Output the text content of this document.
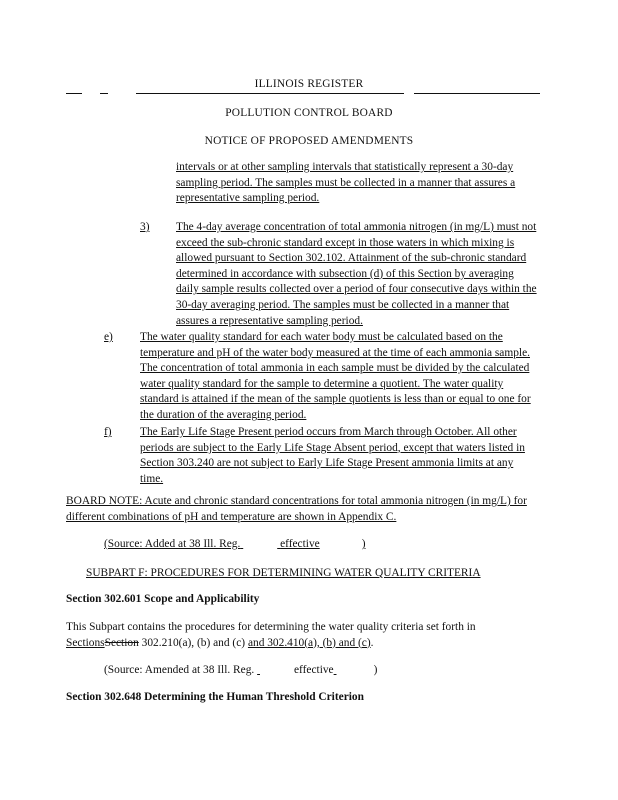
ILLINOIS REGISTER
POLLUTION CONTROL BOARD
NOTICE OF PROPOSED AMENDMENTS
intervals or at other sampling intervals that statistically represent a 30-day sampling period. The samples must be collected in a manner that assures a representative sampling period.
3) The 4-day average concentration of total ammonia nitrogen (in mg/L) must not exceed the sub-chronic standard except in those waters in which mixing is allowed pursuant to Section 302.102. Attainment of the sub-chronic standard determined in accordance with subsection (d) of this Section by averaging daily sample results collected over a period of four consecutive days within the 30-day averaging period. The samples must be collected in a manner that assures a representative sampling period.
e) The water quality standard for each water body must be calculated based on the temperature and pH of the water body measured at the time of each ammonia sample. The concentration of total ammonia in each sample must be divided by the calculated water quality standard for the sample to determine a quotient. The water quality standard is attained if the mean of the sample quotients is less than or equal to one for the duration of the averaging period.
f) The Early Life Stage Present period occurs from March through October. All other periods are subject to the Early Life Stage Absent period, except that waters listed in Section 303.240 are not subject to Early Life Stage Present ammonia limits at any time.
BOARD NOTE: Acute and chronic standard concentrations for total ammonia nitrogen (in mg/L) for different combinations of pH and temperature are shown in Appendix C.
(Source: Added at 38 Ill. Reg.	effective	)
SUBPART F: PROCEDURES FOR DETERMINING WATER QUALITY CRITERIA
Section 302.601 Scope and Applicability
This Subpart contains the procedures for determining the water quality criteria set forth in SectionsSection 302.210(a), (b) and (c) and 302.410(a), (b) and (c).
(Source: Amended at 38 Ill. Reg.	effective	)
Section 302.648 Determining the Human Threshold Criterion
